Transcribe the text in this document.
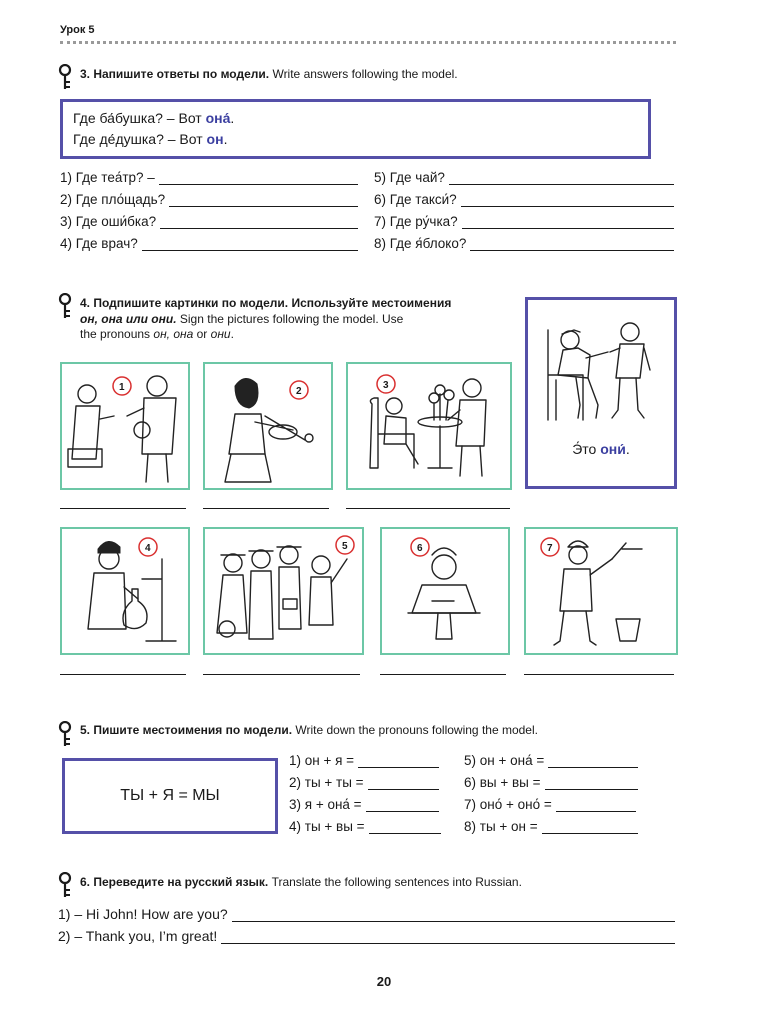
Урок 5
3. Напишите ответы по модели. Write answers following the model.
Где ба́бушка? – Вот она́.
Где де́душка? – Вот он.
1) Где теа́тр? –
2) Где пло́щадь?
3) Где оши́бка?
4) Где врач?
5) Где чай?
6) Где такси́?
7) Где ру́чка?
8) Где я́блоко?
4. Подпишите картинки по модели. Используйте местоимения
он, она или они. Sign the pictures following the model. Use
the pronouns он, она or они.
Э́то они́.
1	2
3
4	5	6	7
5. Пишите местоимения по модели. Write down the pronouns following the model.
ТЫ + Я = МЫ
1) он + я =
2) ты + ты =
3) я + она́ =
4) ты + вы =
5) он + она́ =
6) вы + вы =
7) оно́ + оно́ =
8) ты + он =
6. Переведите на русский язык. Translate the following sentences into Russian.
1) – Hi John! How are you?
2) – Thank you, I’m great!
20
